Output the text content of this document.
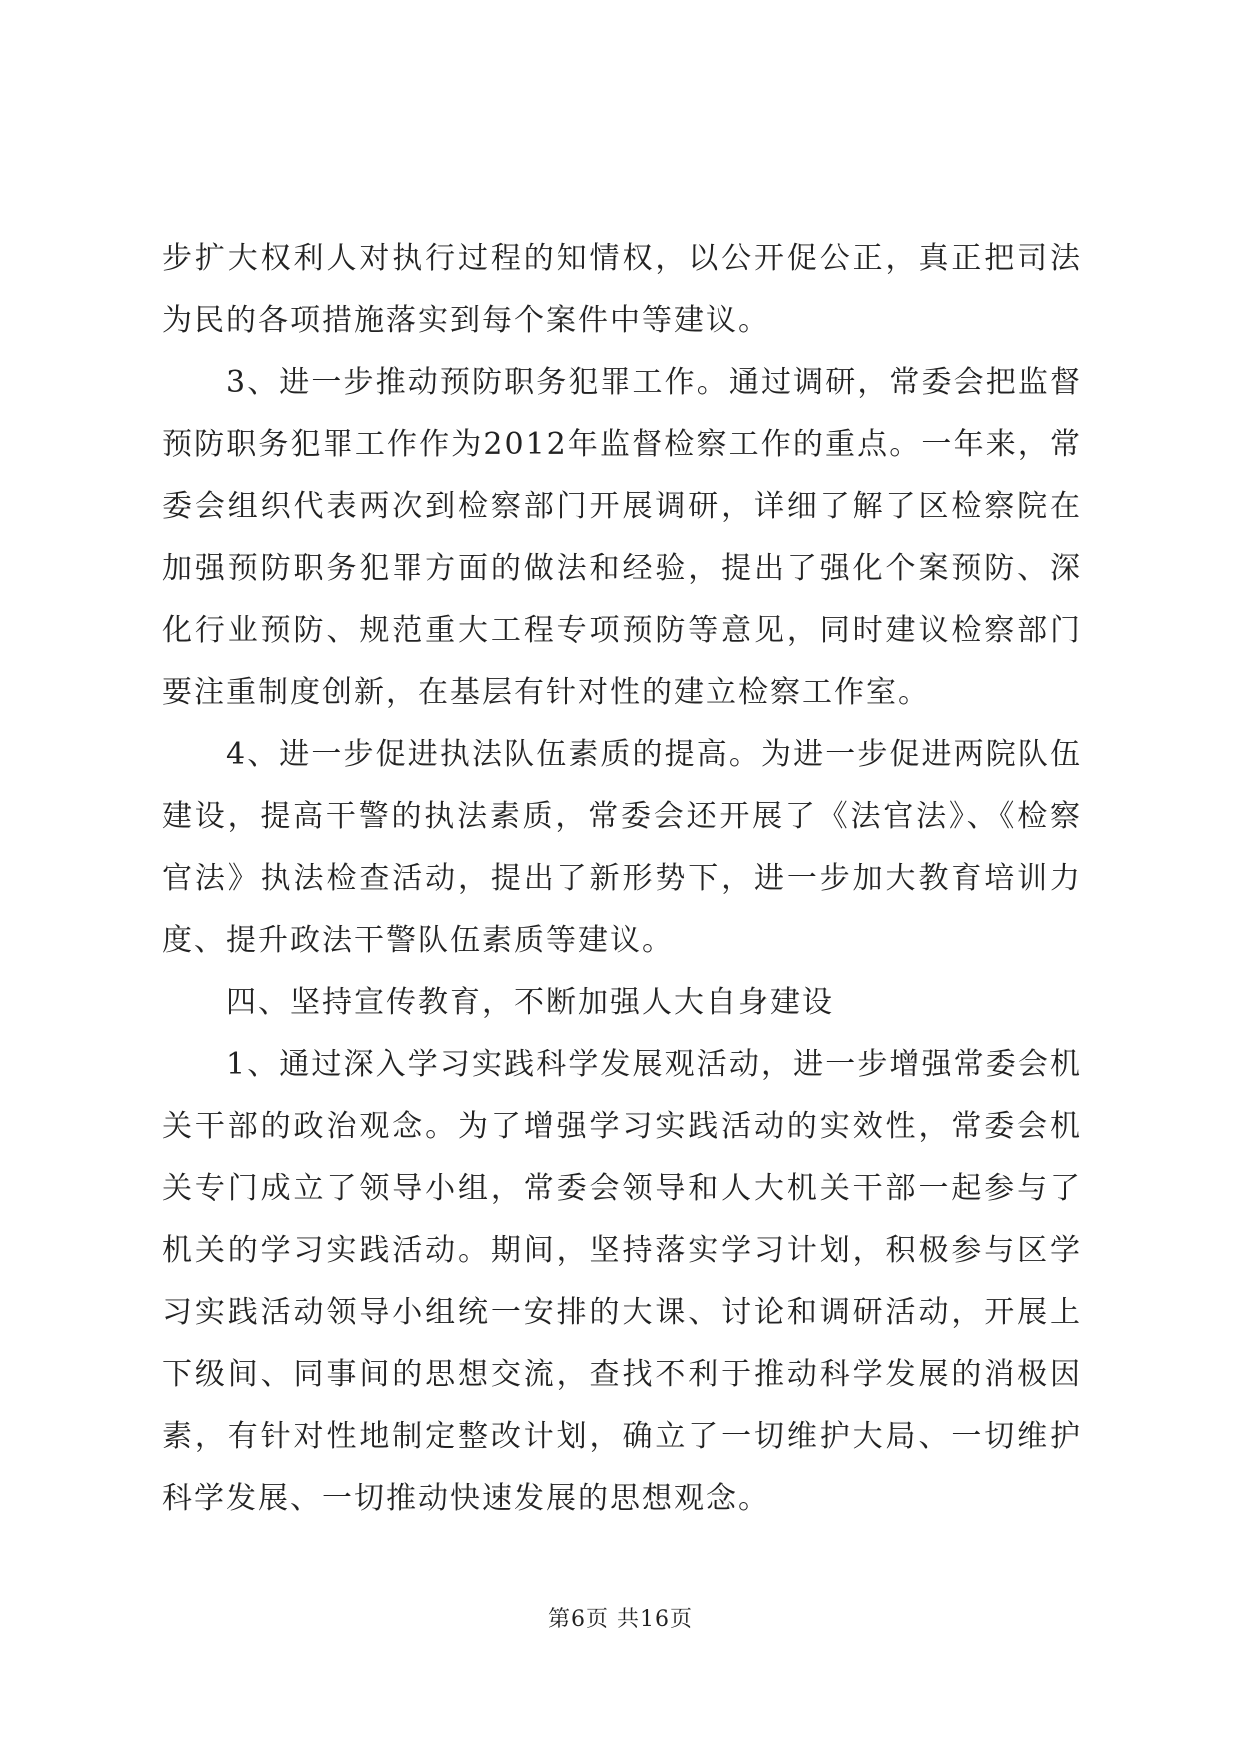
步扩大权利人对执行过程的知情权，以公开促公正，真正把司法为民的各项措施落实到每个案件中等建议。

3、进一步推动预防职务犯罪工作。通过调研，常委会把监督预防职务犯罪工作作为2012年监督检察工作的重点。一年来，常委会组织代表两次到检察部门开展调研，详细了解了区检察院在加强预防职务犯罪方面的做法和经验，提出了强化个案预防、深化行业预防、规范重大工程专项预防等意见，同时建议检察部门要注重制度创新，在基层有针对性的建立检察工作室。

4、进一步促进执法队伍素质的提高。为进一步促进两院队伍建设，提高干警的执法素质，常委会还开展了《法官法》、《检察官法》执法检查活动，提出了新形势下，进一步加大教育培训力度、提升政法干警队伍素质等建议。

四、坚持宣传教育，不断加强人大自身建设

1、通过深入学习实践科学发展观活动，进一步增强常委会机关干部的政治观念。为了增强学习实践活动的实效性，常委会机关专门成立了领导小组，常委会领导和人大机关干部一起参与了机关的学习实践活动。期间，坚持落实学习计划，积极参与区学习实践活动领导小组统一安排的大课、讨论和调研活动，开展上下级间、同事间的思想交流，查找不利于推动科学发展的消极因素，有针对性地制定整改计划，确立了一切维护大局、一切维护科学发展、一切推动快速发展的思想观念。

第6页 共16页
